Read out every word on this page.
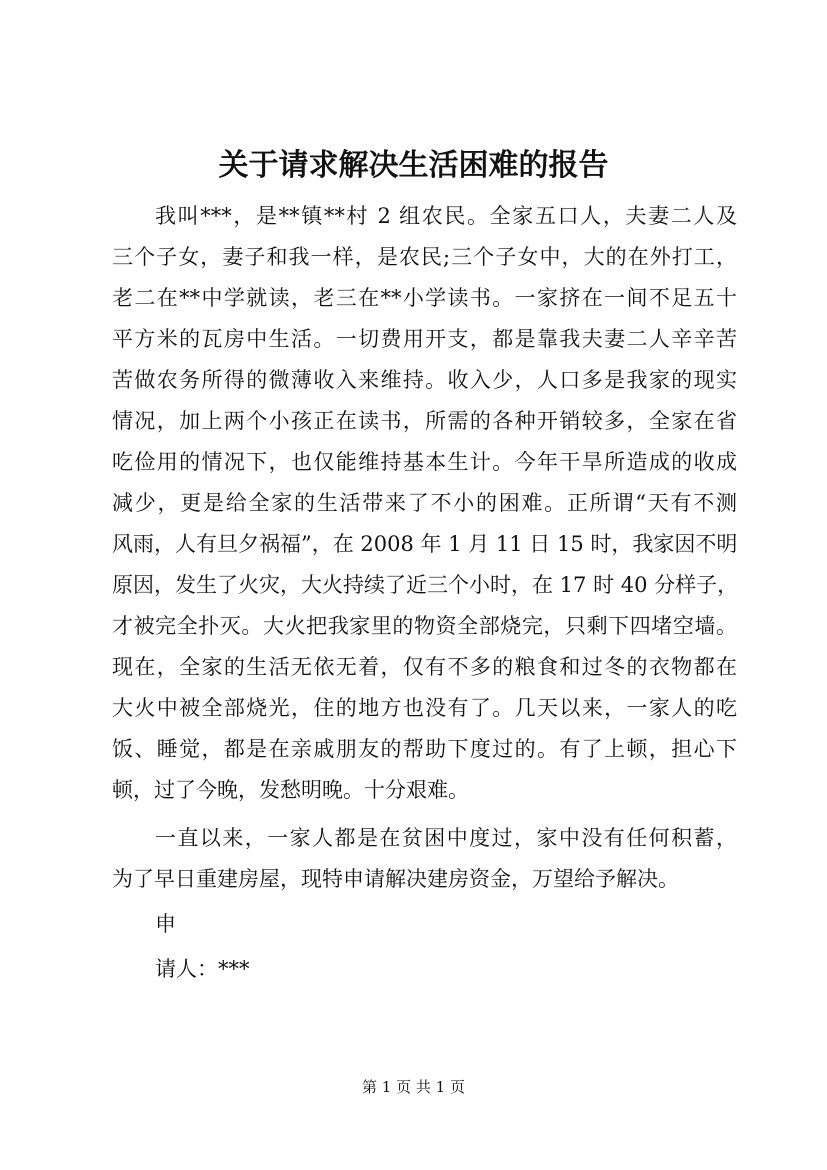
关于请求解决生活困难的报告
我叫***，是**镇**村 2 组农民。全家五口人，夫妻二人及
三个子女，妻子和我一样，是农民;三个子女中，大的在外打工，
老二在**中学就读，老三在**小学读书。一家挤在一间不足五十
平方米的瓦房中生活。一切费用开支，都是靠我夫妻二人辛辛苦
苦做农务所得的微薄收入来维持。收入少，人口多是我家的现实
情况，加上两个小孩正在读书，所需的各种开销较多，全家在省
吃俭用的情况下，也仅能维持基本生计。今年干旱所造成的收成
减少，更是给全家的生活带来了不小的困难。正所谓“天有不测
风雨，人有旦夕祸福”，在 2008 年 1 月 11 日 15 时，我家因不明
原因，发生了火灾，大火持续了近三个小时，在 17 时 40 分样子，
才被完全扑灭。大火把我家里的物资全部烧完，只剩下四堵空墙。
现在，全家的生活无依无着，仅有不多的粮食和过冬的衣物都在
大火中被全部烧光，住的地方也没有了。几天以来，一家人的吃
饭、睡觉，都是在亲戚朋友的帮助下度过的。有了上顿，担心下
顿，过了今晚，发愁明晚。十分艰难。
一直以来，一家人都是在贫困中度过，家中没有任何积蓄，
为了早日重建房屋，现特申请解决建房资金，万望给予解决。
申
请人：***
第 1 页 共 1 页
